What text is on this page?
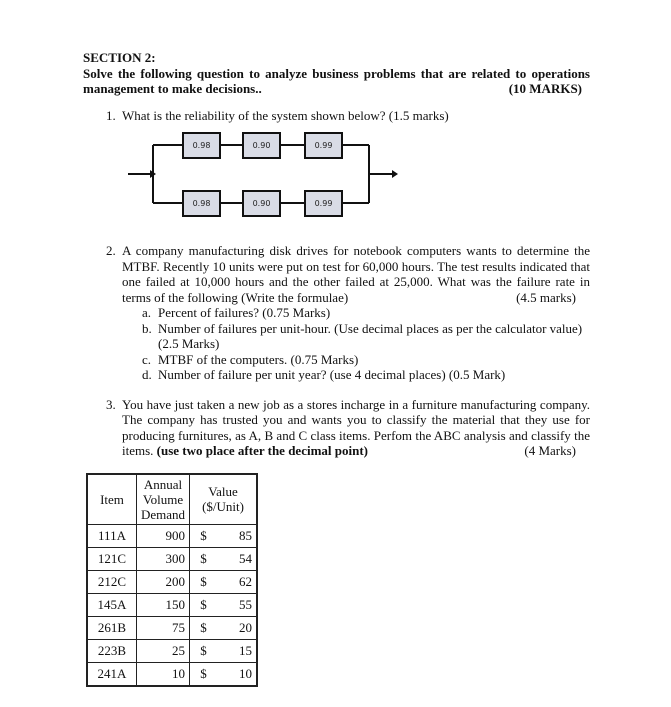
SECTION 2:
Solve the following question to analyze business problems that are related to operations management to make decisions..	(10 MARKS)
1. What is the reliability of the system shown below? (1.5 marks)
0.98	0.90	0.99
0.98	0.90	0.99
2. A company manufacturing disk drives for notebook computers wants to determine the MTBF. Recently 10 units were put on test for 60,000 hours. The test results indicated that one failed at 10,000 hours and the other failed at 25,000. What was the failure rate in terms of the following (Write the formulae)	(4.5 marks)
a. Percent of failures? (0.75 Marks)
b. Number of failures per unit-hour. (Use decimal places as per the calculator value) (2.5 Marks)
c. MTBF of the computers. (0.75 Marks)
d. Number of failure per unit year? (use 4 decimal places) (0.5 Mark)
3. You have just taken a new job as a stores incharge in a furniture manufacturing company. The company has trusted you and wants you to classify the material that they use for producing furnitures, as A, B and C class items. Perfom the ABC analysis and classify the items. (use two place after the decimal point)	(4 Marks)
Item	Annual Volume Demand	Value ($/Unit)	
111A	900	$	85
121C	300	$	54
212C	200	$	62
145A	150	$	55
261B	75	$	20
223B	25	$	15
241A	10	$	10
